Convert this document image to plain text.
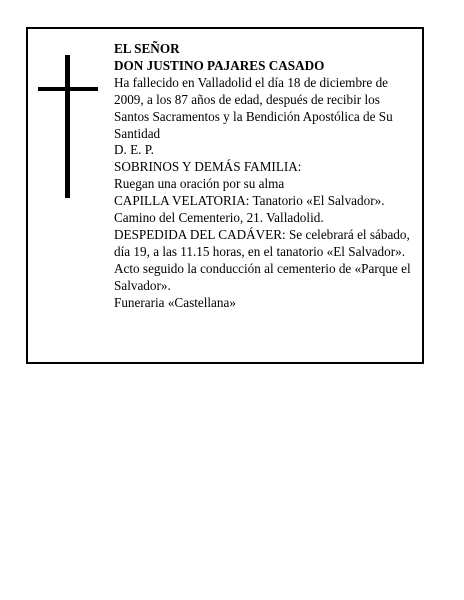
EL SEÑOR

DON JUSTINO PAJARES CASADO

Ha fallecido en Valladolid el día 18 de diciembre de 2009, a los 87 años de edad, después de recibir los Santos Sacramentos y la Bendición Apostólica de Su Santidad

D. E. P.

SOBRINOS Y DEMÁS FAMILIA:

Ruegan una oración por su alma

CAPILLA VELATORIA: Tanatorio «El Salvador».

Camino del Cementerio, 21. Valladolid.

DESPEDIDA DEL CADÁVER: Se celebrará el sábado, día 19, a las 11.15 horas, en el tanatorio «El Salvador». Acto seguido la conducción al cementerio de «Parque el Salvador».

Funeraria «Castellana»
